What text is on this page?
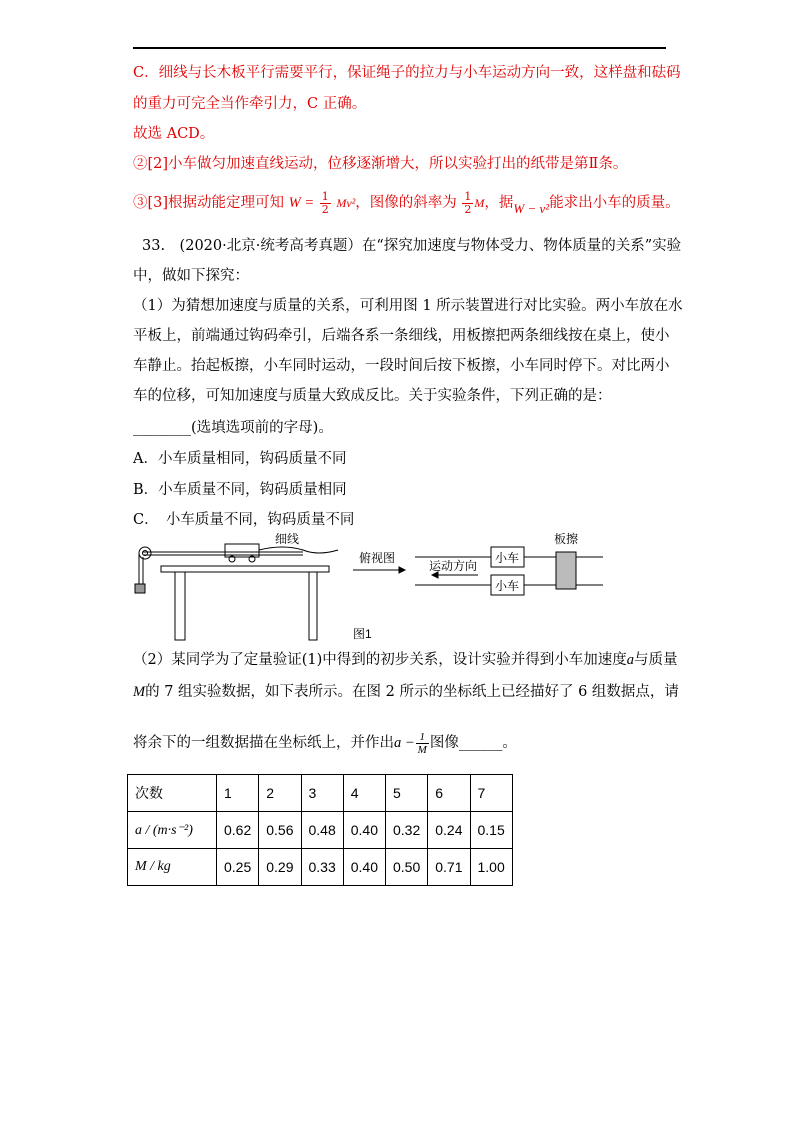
C．细线与长木板平行需要平行，保证绳子的拉力与小车运动方向一致，这样盘和砝码
的重力可完全当作牵引力，C 正确。
故选 ACD。
②[2]小车做匀加速直线运动，位移逐渐增大，所以实验打出的纸带是第Ⅱ条。
③[3]根据动能定理可知 $W = \frac{1}{2} Mv^2$，图像的斜率为 $\frac{1}{2}$ M，据W − v²能求出小车的质量。
33.　(2020·北京·统考高考真题）在“探究加速度与物体受力、物体质量的关系”实验
中，做如下探究：
（1）为猜想加速度与质量的关系，可利用图 1 所示装置进行对比实验。两小车放在水
平板上，前端通过钩码牵引，后端各系一条细线，用板擦把两条细线按在桌上，使小
车静止。抬起板擦，小车同时运动，一段时间后按下板擦，小车同时停下。对比两小
车的位移，可知加速度与质量大致成反比。关于实验条件，下列正确的是：
________(选填选项前的字母)。
A．小车质量相同，钩码质量不同
B．小车质量不同，钩码质量相同
C．　小车质量不同，钩码质量不同
细线
俯视图
运动方向
小车
小车
板擦
图1
（2）某同学为了定量验证(1)中得到的初步关系，设计实验并得到小车加速度a与质量
M的 7 组实验数据，如下表所示。在图 2 所示的坐标纸上已经描好了 6 组数据点，请
将余下的一组数据描在坐标纸上，并作出$a - \frac{1}{M}$ 图像______。
次数	1	2	3	4	5	6	7
a / (m·s⁻²)	0.62	0.56	0.48	0.40	0.32	0.24	0.15
M / kg	0.25	0.29	0.33	0.40	0.50	0.71	1.00
